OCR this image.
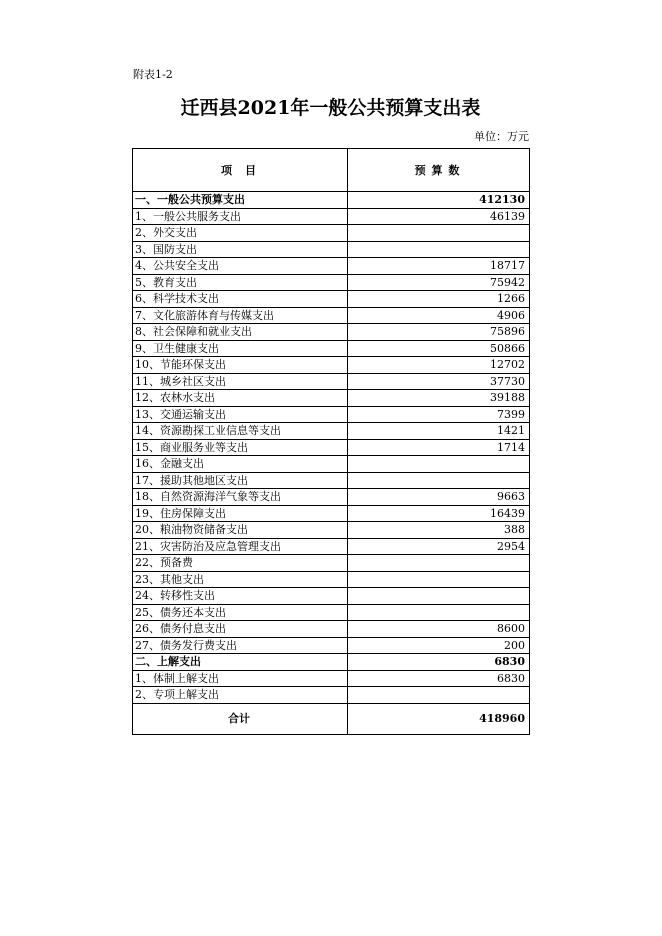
附表1-2
迁西县2021年一般公共预算支出表
单位：万元
项　目	预 算 数
一、一般公共预算支出	412130
1、一般公共服务支出	46139
2、外交支出	
3、国防支出	
4、公共安全支出	18717
5、教育支出	75942
6、科学技术支出	1266
7、文化旅游体育与传媒支出	4906
8、社会保障和就业支出	75896
9、卫生健康支出	50866
10、节能环保支出	12702
11、城乡社区支出	37730
12、农林水支出	39188
13、交通运输支出	7399
14、资源勘探工业信息等支出	1421
15、商业服务业等支出	1714
16、金融支出	
17、援助其他地区支出	
18、自然资源海洋气象等支出	9663
19、住房保障支出	16439
20、粮油物资储备支出	388
21、灾害防治及应急管理支出	2954
22、预备费	
23、其他支出	
24、转移性支出	
25、债务还本支出	
26、债务付息支出	8600
27、债务发行费支出	200
二、上解支出	6830
1、体制上解支出	6830
2、专项上解支出	
合计	418960
